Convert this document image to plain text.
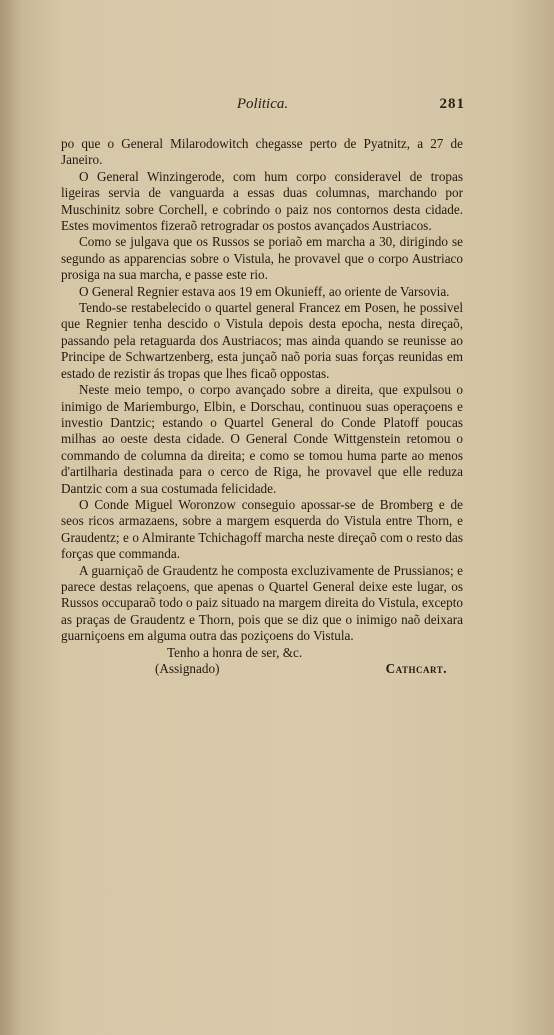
Politica.	281

po que o General Milarodowitch chegasse perto de Pyatnitz, a 27 de Janeiro.

O General Winzingerode, com hum corpo consideravel de tropas ligeiras servia de vanguarda a essas duas columnas, marchando por Muschinitz sobre Corchell, e cobrindo o paiz nos contornos desta cidade. Estes movimentos fizeraõ retrogradar os postos avançados Austriacos.

Como se julgava que os Russos se poriaõ em marcha a 30, dirigindo se segundo as apparencias sobre o Vistula, he provavel que o corpo Austriaco prosiga na sua marcha, e passe este rio.

O General Regnier estava aos 19 em Okunieff, ao oriente de Varsovia.

Tendo-se restabelecido o quartel general Francez em Posen, he possivel que Regnier tenha descido o Vistula depois desta epocha, nesta direçaõ, passando pela retaguarda dos Austriacos; mas ainda quando se reunisse ao Principe de Schwartzenberg, esta junçaõ naõ poria suas forças reunidas em estado de rezistir ás tropas que lhes ficaõ oppostas.

Neste meio tempo, o corpo avançado sobre a direita, que expulsou o inimigo de Mariemburgo, Elbin, e Dorschau, continuou suas operaçoens e investio Dantzic; estando o Quartel General do Conde Platoff poucas milhas ao oeste desta cidade. O General Conde Wittgenstein retomou o commando de columna da direita; e como se tomou huma parte ao menos d'artilharia destinada para o cerco de Riga, he provavel que elle reduza Dantzic com a sua costumada felicidade.

O Conde Miguel Woronzow conseguio apossar-se de Bromberg e de seos ricos armazaens, sobre a margem esquerda do Vistula entre Thorn, e Graudentz; e o Almirante Tchichagoff marcha neste direçaõ com o resto das forças que commanda.

A guarniçaõ de Graudentz he composta excluzivamente de Prussianos; e parece destas relaçoens, que apenas o Quartel General deixe este lugar, os Russos occuparaõ todo o paiz situado na margem direita do Vistula, excepto as praças de Graudentz e Thorn, pois que se diz que o inimigo naõ deixara guarniçoens em alguma outra das poziçoens do Vistula.

Tenho a honra de ser, &c.

(Assignado)	Cathcart.
